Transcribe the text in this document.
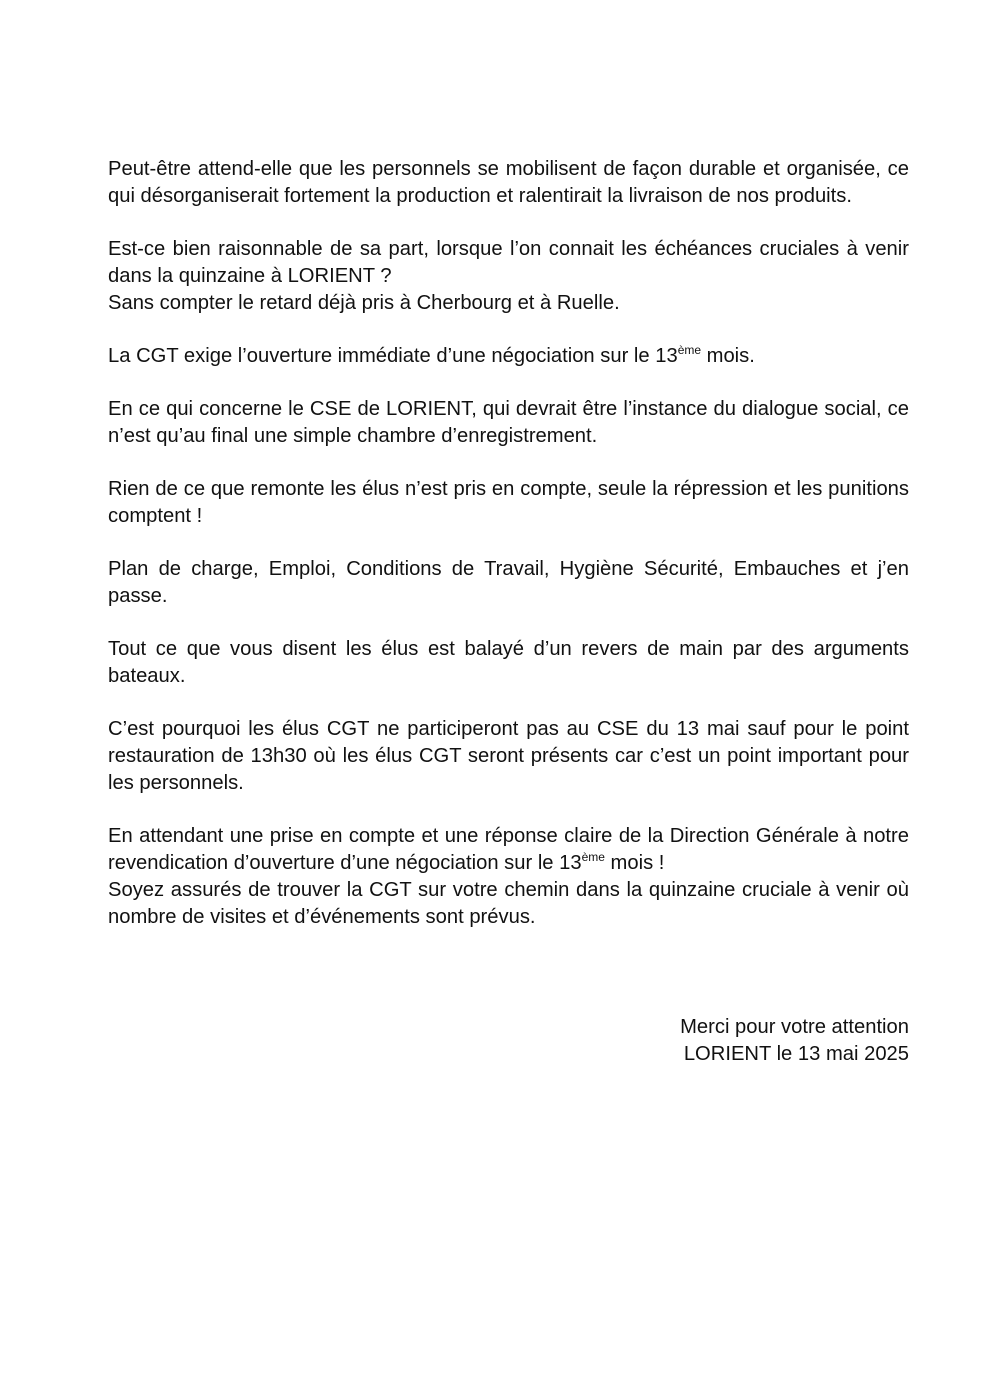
Peut-être attend-elle que les personnels se mobilisent de façon durable et organisée, ce qui désorganiserait fortement la production et ralentirait la livraison de nos produits.

Est-ce bien raisonnable de sa part, lorsque l’on connait les échéances cruciales à venir dans la quinzaine à LORIENT ?
Sans compter le retard déjà pris à Cherbourg et à Ruelle.

La CGT exige l’ouverture immédiate d’une négociation sur le 13ème mois.

En ce qui concerne le CSE de LORIENT, qui devrait être l’instance du dialogue social, ce n’est qu’au final une simple chambre d’enregistrement.

Rien de ce que remonte les élus n’est pris en compte, seule la répression et les punitions comptent !

Plan de charge, Emploi, Conditions de Travail, Hygiène Sécurité, Embauches et j’en passe.

Tout ce que vous disent les élus est balayé d’un revers de main par des arguments bateaux.

C’est pourquoi les élus CGT ne participeront pas au CSE du 13 mai sauf pour le point restauration de 13h30 où les élus CGT seront présents car c’est un point important pour les personnels.

En attendant une prise en compte et une réponse claire de la Direction Générale à notre revendication d’ouverture d’une négociation sur le 13ème mois !
Soyez assurés de trouver la CGT sur votre chemin dans la quinzaine cruciale à venir où nombre de visites et d’événements sont prévus.

Merci pour votre attention
LORIENT le 13 mai 2025
